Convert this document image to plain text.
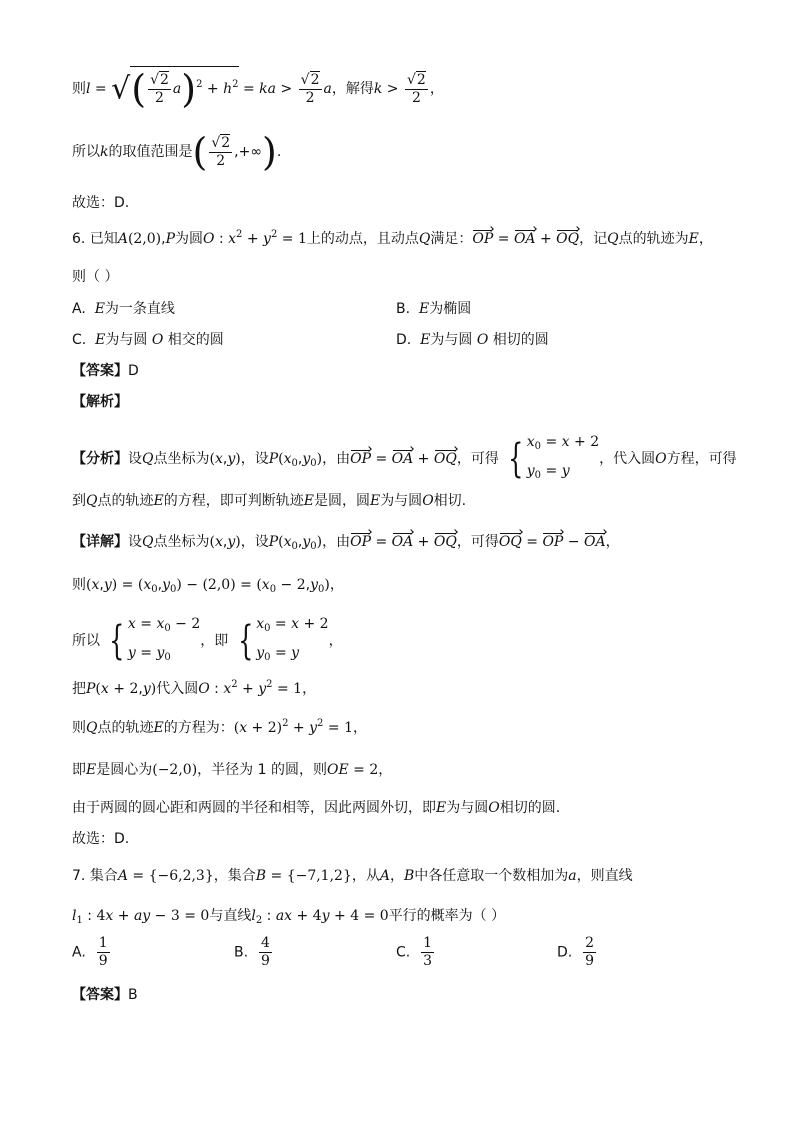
则l = √( $\frac{√2}{2} a)^2 + h^2$ = ka > $\frac{√2}{2}$ a，解得$k > \frac{√2}{2}$ ，
所以k的取值范围是( $\frac{√2}{2}$ ,+∞).
故选：D.
6. 已知A(2,0),P为圆O : $x^2 + y^2 = 1$上的动点，且动点Q满足：OP = OA + OQ，记Q点的轨迹为E，
则（ ）
A. E为一条直线	B. E为椭圆
C. E为与圆 O 相交的圆	D. E为与圆 O 相切的圆
【答案】D
【解析】
【分析】设Q点坐标为(x,y)，设$P(x_0,y_0)$，由OP = OA + OQ，可得 { $x_0 = x + 2$
$y_0 = y$
，代入圆O方程，可得
到Q点的轨迹E的方程，即可判断轨迹E是圆，圆E为与圆O相切.
【详解】设Q点坐标为(x,y)，设$P(x_0,y_0)$，由OP = OA + OQ，可得OQ = OP − OA，
则$(x,y) = (x_0,y_0) - (2,0) = (x_0 - 2,y_0)$，
所以 { $x = x_0 - 2$
$y = y_0$
，即 { $x_0 = x + 2$
$y_0 = y$
，
把P(x + 2,y)代入圆O : $x^2 + y^2 = 1$，
则Q点的轨迹E的方程为：$(x + 2)^2 + y^2 = 1$，
即E是圆心为(−2,0)，半径为 1 的圆，则OE = 2，
由于两圆的圆心距和两圆的半径和相等，因此两圆外切，即E为与圆O相切的圆.
故选：D.
7. 集合A = {−6,2,3}，集合B = {−7,1,2}，从A，B中各任意取一个数相加为a，则直线
$l_1$ : 4x + ay − 3 = 0与直线$l_2$ : ax + 4y + 4 = 0平行的概率为（ ）
A. $\frac{1}{9}$	B. $\frac{4}{9}$	C. $\frac{1}{3}$	D. $\frac{2}{9}$
【答案】B
